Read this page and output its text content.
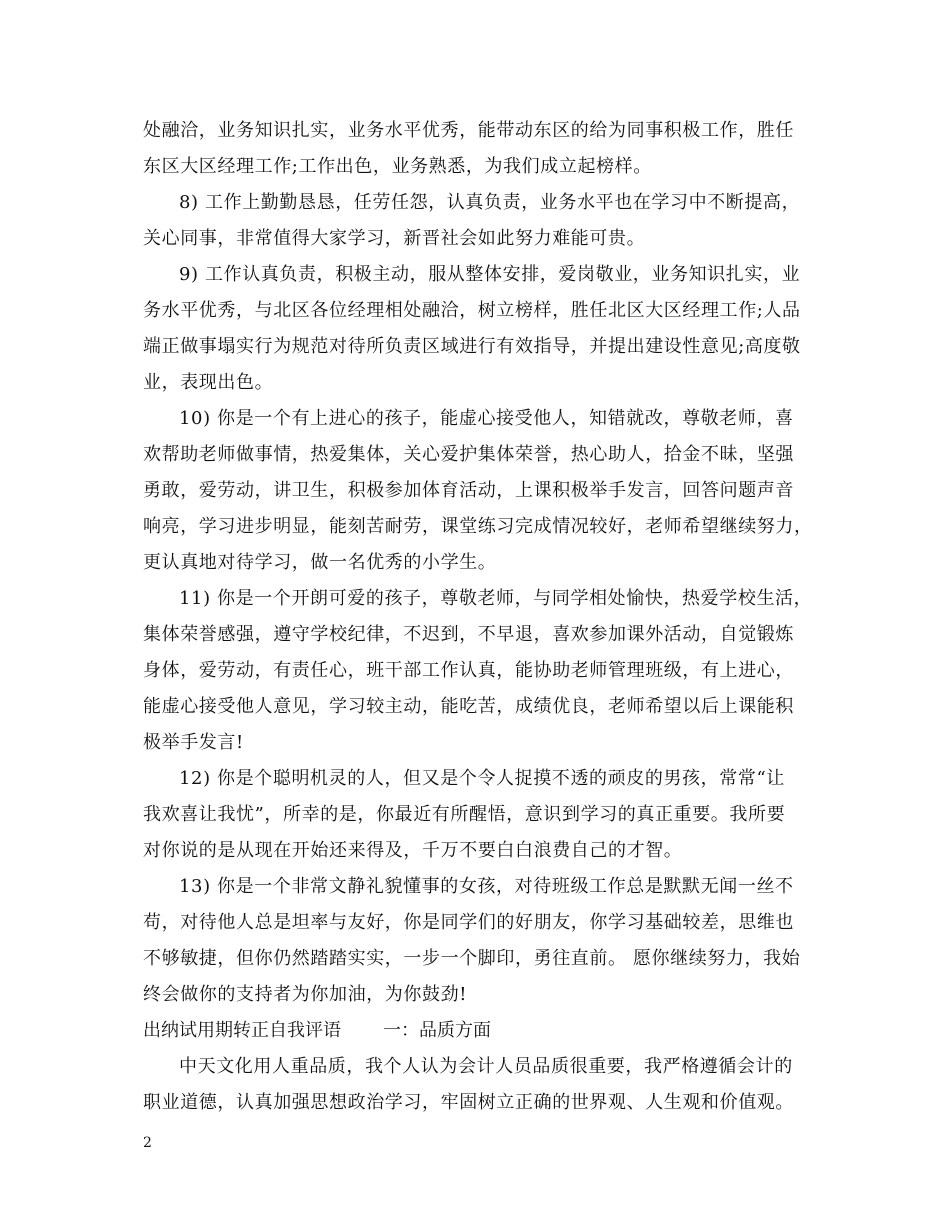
处融洽，业务知识扎实，业务水平优秀，能带动东区的给为同事积极工作，胜任
东区大区经理工作;工作出色，业务熟悉，为我们成立起榜样。
8) 工作上勤勤恳恳，任劳任怨，认真负责，业务水平也在学习中不断提高，
关心同事，非常值得大家学习，新晋社会如此努力难能可贵。
9) 工作认真负责，积极主动，服从整体安排，爱岗敬业，业务知识扎实，业
务水平优秀，与北区各位经理相处融洽，树立榜样，胜任北区大区经理工作;人品
端正做事塌实行为规范对待所负责区域进行有效指导，并提出建设性意见;高度敬
业，表现出色。
10) 你是一个有上进心的孩子，能虚心接受他人，知错就改，尊敬老师，喜
欢帮助老师做事情，热爱集体，关心爱护集体荣誉，热心助人，拾金不昧，坚强
勇敢，爱劳动，讲卫生，积极参加体育活动，上课积极举手发言，回答问题声音
响亮，学习进步明显，能刻苦耐劳，课堂练习完成情况较好，老师希望继续努力，
更认真地对待学习，做一名优秀的小学生。
11) 你是一个开朗可爱的孩子，尊敬老师，与同学相处愉快，热爱学校生活，
集体荣誉感强，遵守学校纪律，不迟到，不早退，喜欢参加课外活动，自觉锻炼
身体，爱劳动，有责任心，班干部工作认真，能协助老师管理班级，有上进心，
能虚心接受他人意见，学习较主动，能吃苦，成绩优良，老师希望以后上课能积
极举手发言!
12) 你是个聪明机灵的人，但又是个令人捉摸不透的顽皮的男孩，常常“让
我欢喜让我忧”，所幸的是，你最近有所醒悟，意识到学习的真正重要。我所要
对你说的是从现在开始还来得及，千万不要白白浪费自己的才智。
13) 你是一个非常文静礼貌懂事的女孩，对待班级工作总是默默无闻一丝不
苟，对待他人总是坦率与友好，你是同学们的好朋友，你学习基础较差，思维也
不够敏捷，但你仍然踏踏实实，一步一个脚印，勇往直前。 愿你继续努力，我始
终会做你的支持者为你加油，为你鼓劲!
出纳试用期转正自我评语 一：品质方面
中天文化用人重品质，我个人认为会计人员品质很重要，我严格遵循会计的
职业道德，认真加强思想政治学习，牢固树立正确的世界观、人生观和价值观。
2
